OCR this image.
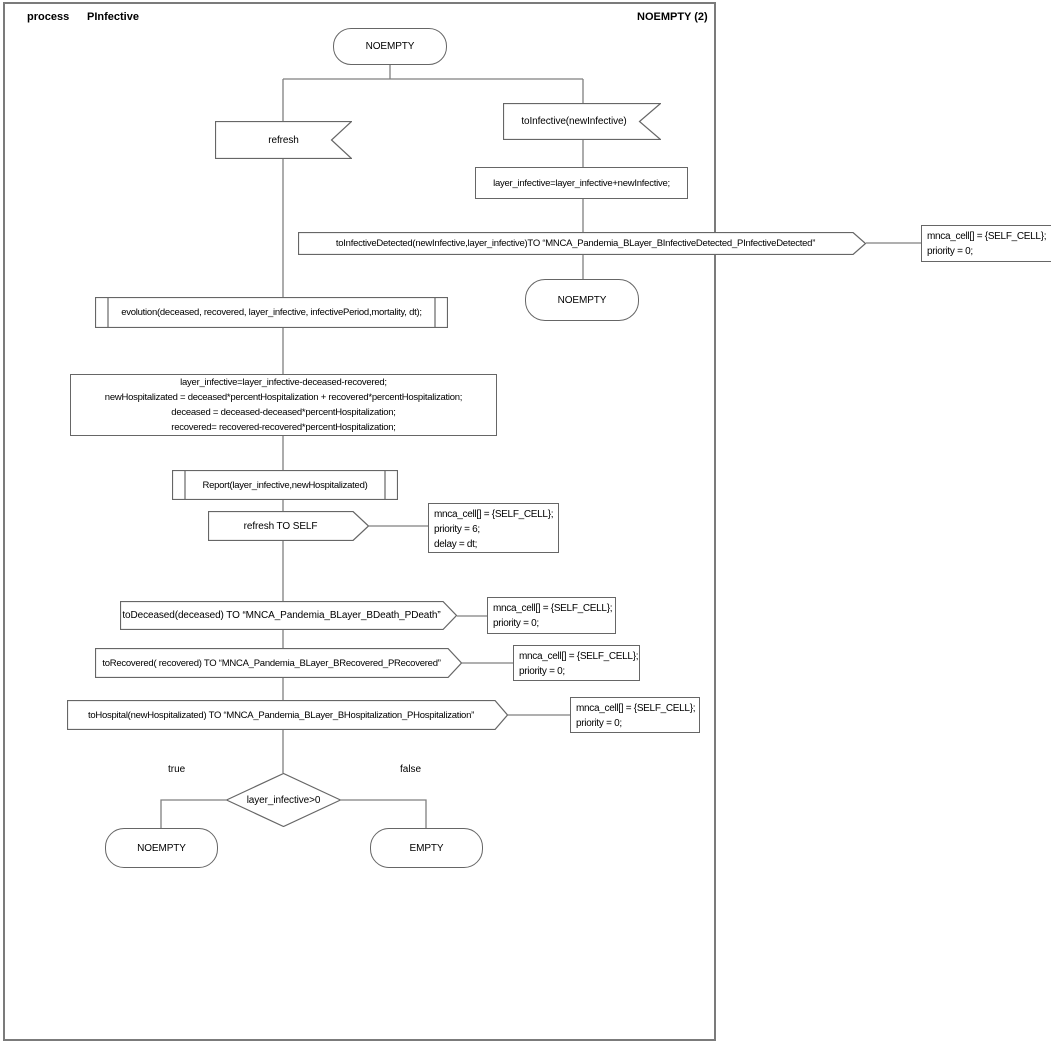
process PInfective	NOEMPTY (2)
NOEMPTY
refresh
toInfective(newInfective)
layer_infective=layer_infective+newInfective;
toInfectiveDetected(newInfective,layer_infective)TO “MNCA_Pandemia_BLayer_BInfectiveDetected_PInfectiveDetected”
mnca_cell[] = {SELF_CELL};
priority = 0;
NOEMPTY
evolution(deceased, recovered, layer_infective, infectivePeriod,mortality, dt);
layer_infective=layer_infective-deceased-recovered;
newHospitalizated = deceased*percentHospitalization + recovered*percentHospitalization;
deceased = deceased-deceased*percentHospitalization;
recovered= recovered-recovered*percentHospitalization;
Report(layer_infective,newHospitalizated)
refresh TO SELF
mnca_cell[] = {SELF_CELL};
priority = 6;
delay = dt;
toDeceased(deceased) TO “MNCA_Pandemia_BLayer_BDeath_PDeath”
mnca_cell[] = {SELF_CELL};
priority = 0;
toRecovered( recovered) TO “MNCA_Pandemia_BLayer_BRecovered_PRecovered”
mnca_cell[] = {SELF_CELL};
priority = 0;
toHospital(newHospitalizated) TO “MNCA_Pandemia_BLayer_BHospitalization_PHospitalization”
mnca_cell[] = {SELF_CELL};
priority = 0;
true	false
layer_infective>0
NOEMPTY	EMPTY
